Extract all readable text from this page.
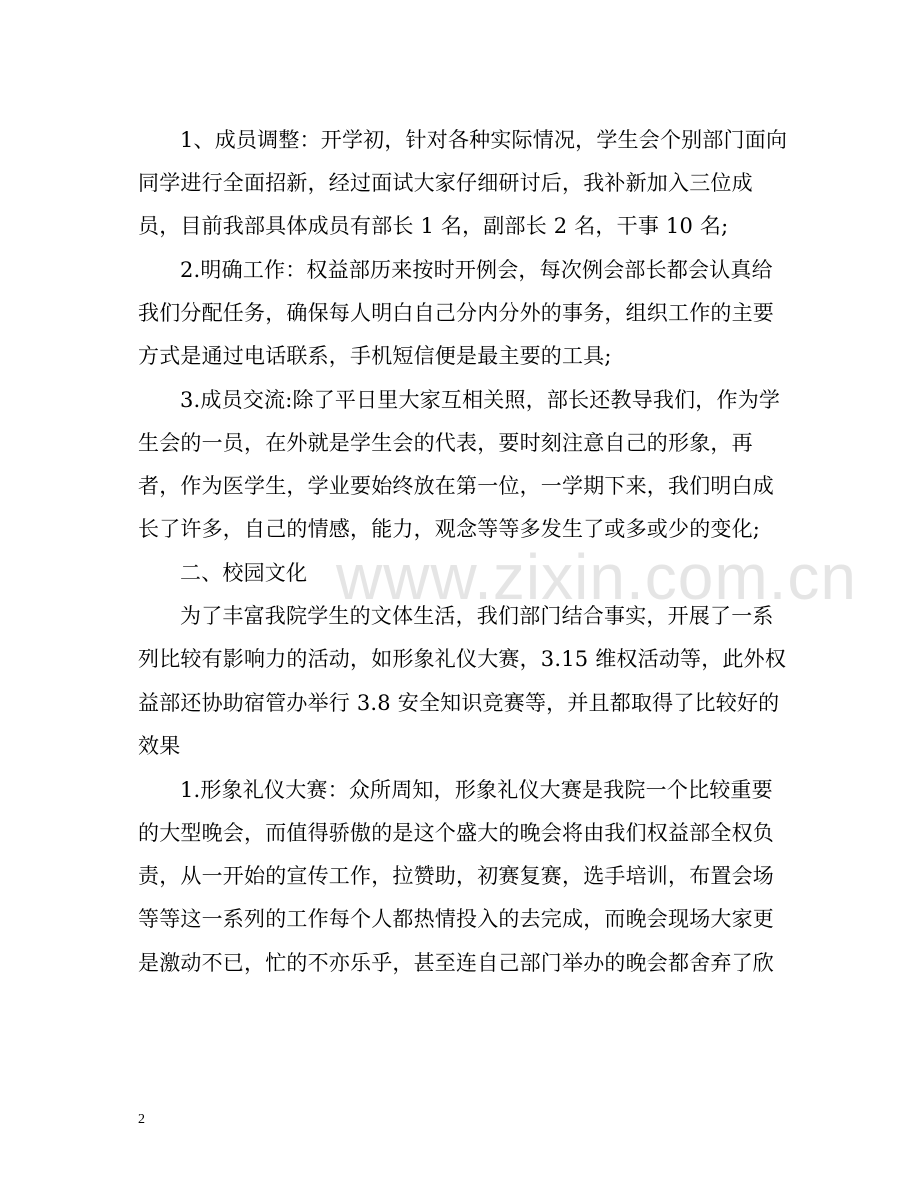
1、成员调整：开学初，针对各种实际情况，学生会个别部门面向
同学进行全面招新，经过面试大家仔细研讨后，我补新加入三位成
员，目前我部具体成员有部长 1 名，副部长 2 名，干事 10 名;
2.明确工作：权益部历来按时开例会，每次例会部长都会认真给
我们分配任务，确保每人明白自己分内分外的事务，组织工作的主要
方式是通过电话联系，手机短信便是最主要的工具;
3.成员交流:除了平日里大家互相关照，部长还教导我们，作为学
生会的一员，在外就是学生会的代表，要时刻注意自己的形象，再
者，作为医学生，学业要始终放在第一位，一学期下来，我们明白成
长了许多，自己的情感，能力，观念等等多发生了或多或少的变化;
二、校园文化
为了丰富我院学生的文体生活，我们部门结合事实，开展了一系
列比较有影响力的活动，如形象礼仪大赛，3.15 维权活动等，此外权
益部还协助宿管办举行 3.8 安全知识竞赛等，并且都取得了比较好的
效果
1.形象礼仪大赛：众所周知，形象礼仪大赛是我院一个比较重要
的大型晚会，而值得骄傲的是这个盛大的晚会将由我们权益部全权负
责，从一开始的宣传工作，拉赞助，初赛复赛，选手培训，布置会场
等等这一系列的工作每个人都热情投入的去完成，而晚会现场大家更
是激动不已，忙的不亦乐乎，甚至连自己部门举办的晚会都舍弃了欣
www.zixin.com.cn
2
